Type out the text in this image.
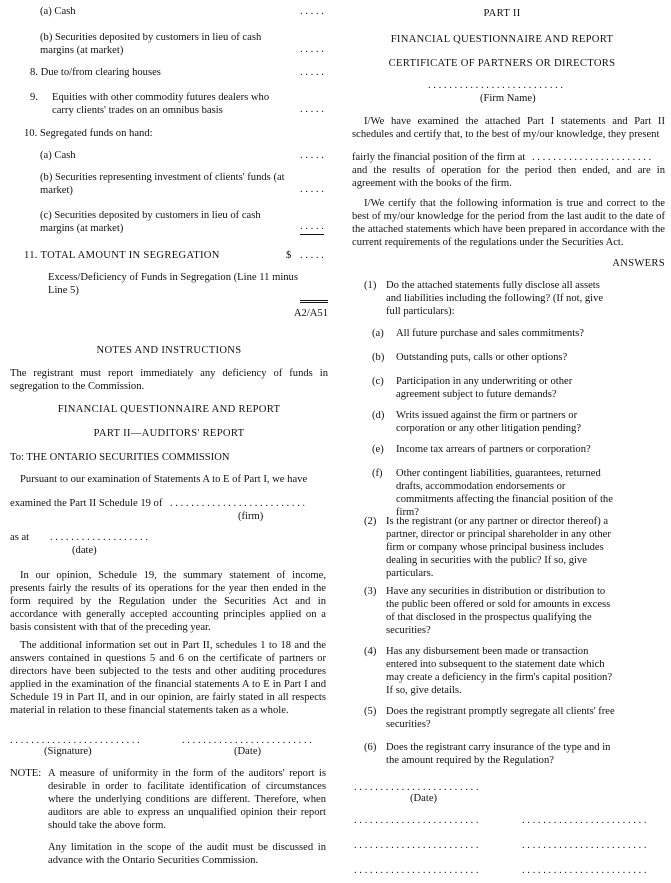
(a) Cash	. . . . .
(b) Securities deposited by customers in lieu of cash margins (at market)	. . . . .
8. Due to/from clearing houses	. . . . .
9. Equities with other commodity futures dealers who carry clients' trades on an omnibus basis	. . . . .
10. Segregated funds on hand:
(a) Cash	. . . . .
(b) Securities representing investment of clients' funds (at market)	. . . . .
(c) Securities deposited by customers in lieu of cash margins (at market)	. . . . .
11. TOTAL AMOUNT IN SEGREGATION	$ . . . . .
Excess/Deficiency of Funds in Segregation (Line 11 minus Line 5)
A2/A51
NOTES AND INSTRUCTIONS
The registrant must report immediately any deficiency of funds in segregation to the Commission.
FINANCIAL QUESTIONNAIRE AND REPORT
PART II—AUDITORS' REPORT
To: THE ONTARIO SECURITIES COMMISSION
Pursuant to our examination of Statements A to E of Part I, we have
examined the Part II Schedule 19 of . . . . . . . . . . . . . . . . . . . . . . . . . .
(firm)
as at . . . . . . . . . . . . . . . . . . .
(date)
In our opinion, Schedule 19, the summary statement of income, presents fairly the results of its operations for the year then ended in the form required by the Regulation under the Securities Act and in accordance with generally accepted accounting principles applied on a basis consistent with that of the preceding year.
The additional information set out in Part II, schedules 1 to 18 and the answers contained in questions 5 and 6 on the certificate of partners or directors have been subjected to the tests and other auditing procedures applied in the examination of the financial statements A to E in Part I and Schedule 19 in Part II, and in our opinion, are fairly stated in all respects material in relation to these financial statements taken as a whole.
. . . . . . . . . . . . . . . . . . . . . . . . .
(Signature)
. . . . . . . . . . . . . . . . . . . . . . . . .
(Date)
NOTE: A measure of uniformity in the form of the auditors' report is desirable in order to facilitate identification of circumstances where the underlying conditions are different. Therefore, when auditors are able to express an unqualified opinion their report should take the above form.
Any limitation in the scope of the audit must be discussed in advance with the Ontario Securities Commission.
PART II
FINANCIAL QUESTIONNAIRE AND REPORT
CERTIFICATE OF PARTNERS OR DIRECTORS
. . . . . . . . . . . . . . . . . . . . . . . . . .
(Firm Name)
I/We have examined the attached Part I statements and Part II schedules and certify that, to the best of my/our knowledge, they present
fairly the financial position of the firm at . . . . . . . . . . . . . . . . . . . . . . .
and the results of operation for the period then ended, and are in agreement with the books of the firm.
I/We certify that the following information is true and correct to the best of my/our knowledge for the period from the last audit to the date of the attached statements which have been prepared in accordance with the current requirements of the regulations under the Securities Act.
ANSWERS
(1) Do the attached statements fully disclose all assets and liabilities including the following? (If not, give full particulars):
(a) All future purchase and sales commitments?
(b) Outstanding puts, calls or other options?
(c) Participation in any underwriting or other agreement subject to future demands?
(d) Writs issued against the firm or partners or corporation or any other litigation pending?
(e) Income tax arrears of partners or corporation?
(f) Other contingent liabilities, guarantees, returned drafts, accommodation endorsements or commitments affecting the financial position of the firm?
(2) Is the registrant (or any partner or director thereof) a partner, director or principal shareholder in any other firm or company whose principal business includes dealing in securities with the public? If so, give particulars.
(3) Have any securities in distribution or distribution to the public been offered or sold for amounts in excess of that disclosed in the prospectus qualifying the securities?
(4) Has any disbursement been made or transaction entered into subsequent to the statement date which may create a deficiency in the firm's capital position? If so, give details.
(5) Does the registrant promptly segregate all clients' free securities?
(6) Does the registrant carry insurance of the type and in the amount required by the Regulation?
. . . . . . . . . . . . . . . . . . . . . . . .
(Date)
. . . . . . . . . . . . . . . . . . . . . . . .	. . . . . . . . . . . . . . . . . . . . . . . .
. . . . . . . . . . . . . . . . . . . . . . . .	. . . . . . . . . . . . . . . . . . . . . . . .
. . . . . . . . . . . . . . . . . . . . . . . .	. . . . . . . . . . . . . . . . . . . . . . . .
